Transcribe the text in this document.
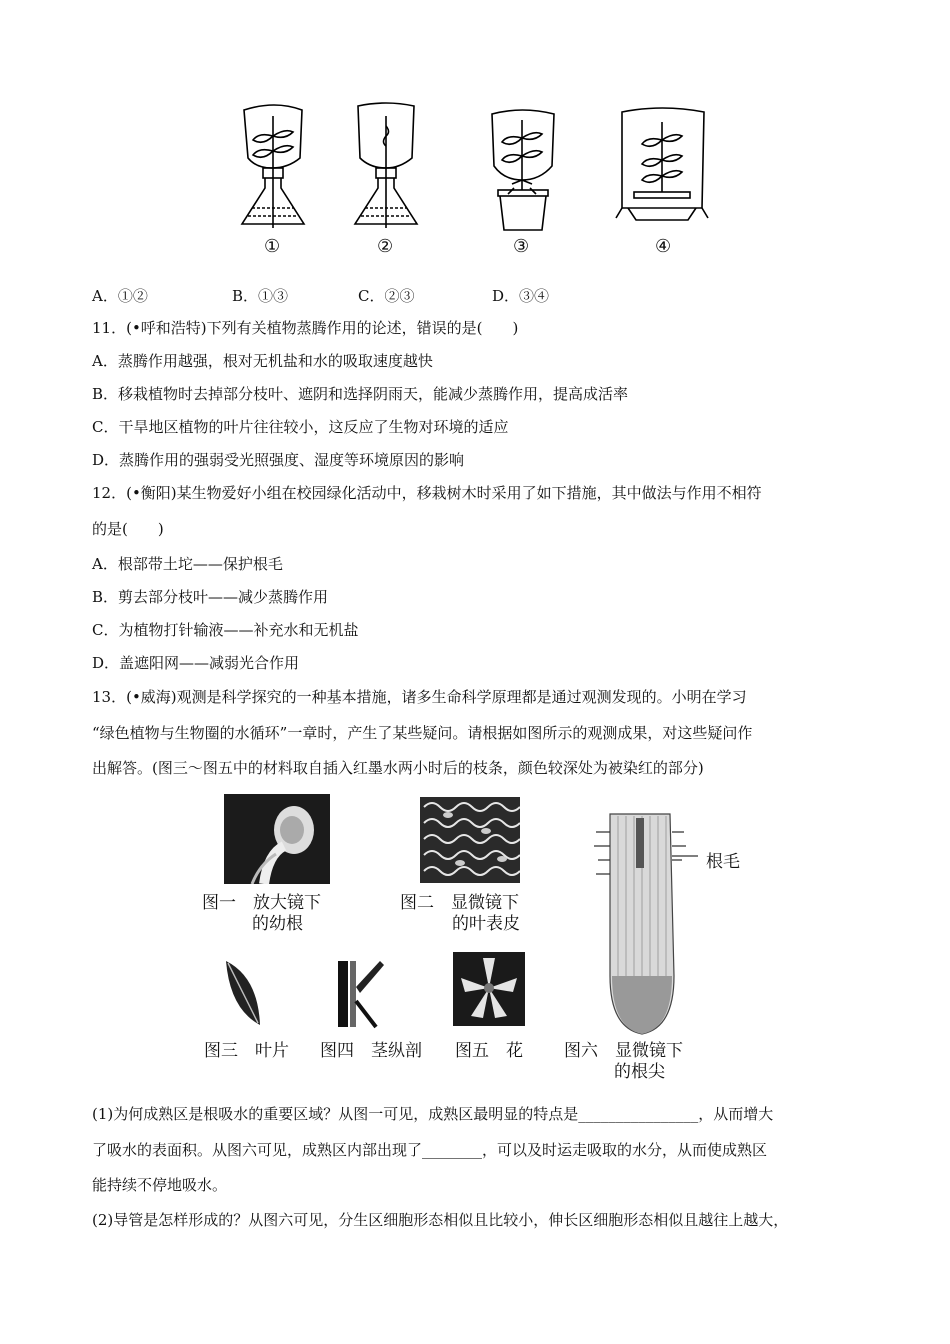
①	②	③	④
A．①②	B．①③	C．②③	D．③④
11．(•呼和浩特)下列有关植物蒸腾作用的论述，错误的是(　　)
A．蒸腾作用越强，根对无机盐和水的吸取速度越快
B．移栽植物时去掉部分枝叶、遮阴和选择阴雨天，能减少蒸腾作用，提高成活率
C．干旱地区植物的叶片往往较小，这反应了生物对环境的适应
D．蒸腾作用的强弱受光照强度、湿度等环境原因的影响
12．(•衡阳)某生物爱好小组在校园绿化活动中，移栽树木时采用了如下措施，其中做法与作用不相符
的是(　　)
A．根部带土坨——保护根毛
B．剪去部分枝叶——减少蒸腾作用
C．为植物打针输液——补充水和无机盐
D．盖遮阳网——减弱光合作用
13．(•威海)观测是科学探究的一种基本措施，诸多生命科学原理都是通过观测发现的。小明在学习
“绿色植物与生物圈的水循环”一章时，产生了某些疑问。请根据如图所示的观测成果，对这些疑问作
出解答。(图三～图五中的材料取自插入红墨水两小时后的枝条，颜色较深处为被染红的部分)
图一　放大镜下
的幼根
图二　显微镜下
的叶表皮
根毛
图三　叶片 图四　茎纵剖 图五　花 图六　显微镜下
的根尖
(1)为何成熟区是根吸水的重要区域？从图一可见，成熟区最明显的特点是________________，从而增大
了吸水的表面积。从图六可见，成熟区内部出现了________，可以及时运走吸取的水分，从而使成熟区
能持续不停地吸水。
(2)导管是怎样形成的？从图六可见，分生区细胞形态相似且比较小，伸长区细胞形态相似且越往上越大，
